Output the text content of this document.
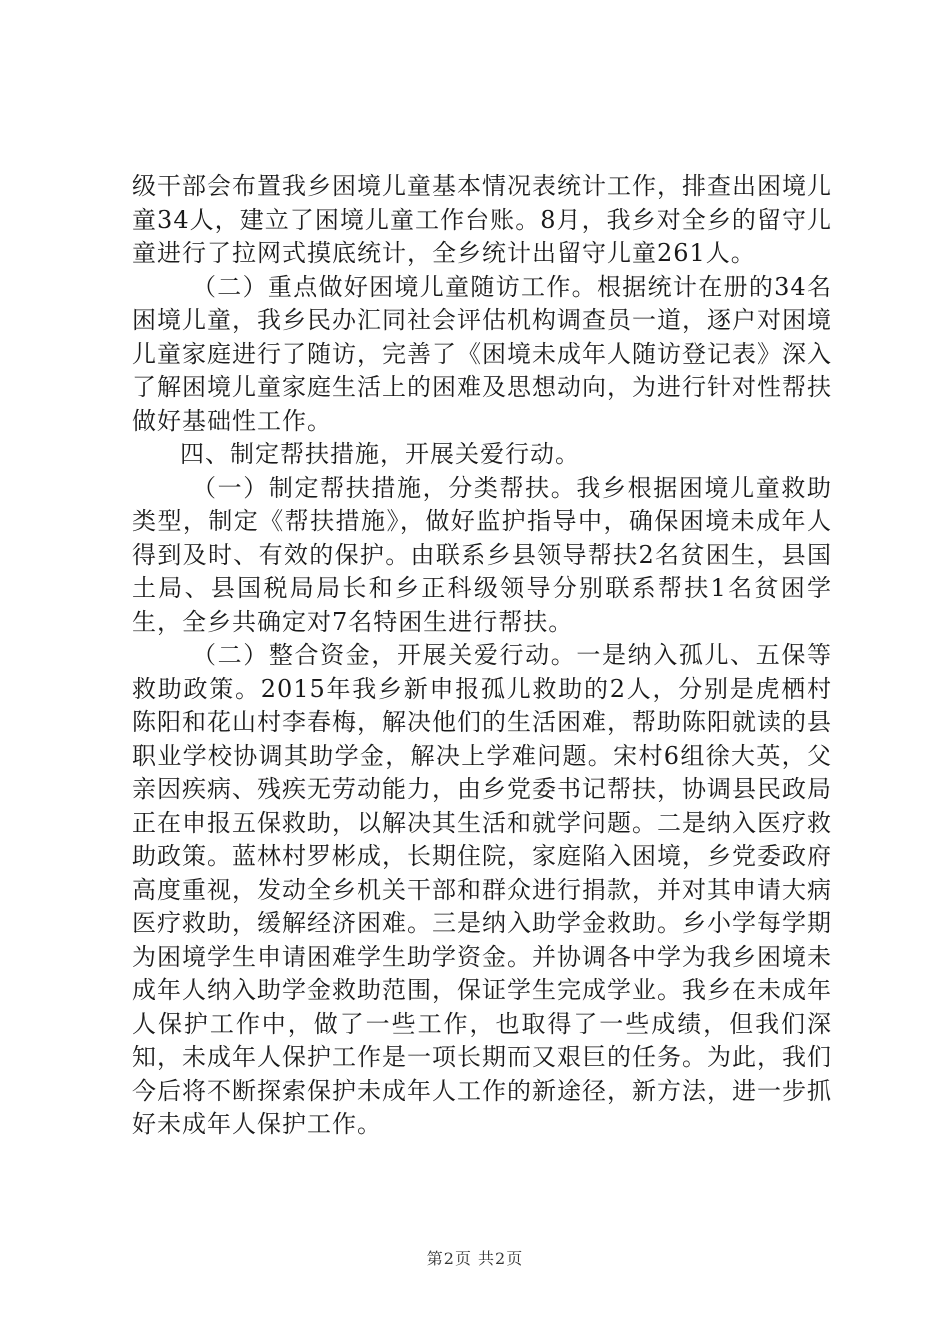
级干部会布置我乡困境儿童基本情况表统计工作，排查出困境儿童34人，建立了困境儿童工作台账。8月，我乡对全乡的留守儿童进行了拉网式摸底统计，全乡统计出留守儿童261人。

（二）重点做好困境儿童随访工作。根据统计在册的34名困境儿童，我乡民办汇同社会评估机构调查员一道，逐户对困境儿童家庭进行了随访，完善了《困境未成年人随访登记表》深入了解困境儿童家庭生活上的困难及思想动向，为进行针对性帮扶做好基础性工作。

四、制定帮扶措施，开展关爱行动。

（一）制定帮扶措施，分类帮扶。我乡根据困境儿童救助类型，制定《帮扶措施》，做好监护指导中，确保困境未成年人得到及时、有效的保护。由联系乡县领导帮扶2名贫困生，县国土局、县国税局局长和乡正科级领导分别联系帮扶1名贫困学生，全乡共确定对7名特困生进行帮扶。

（二）整合资金，开展关爱行动。一是纳入孤儿、五保等救助政策。2015年我乡新申报孤儿救助的2人，分别是虎栖村陈阳和花山村李春梅，解决他们的生活困难，帮助陈阳就读的县职业学校协调其助学金，解决上学难问题。宋村6组徐大英，父亲因疾病、残疾无劳动能力，由乡党委书记帮扶，协调县民政局正在申报五保救助，以解决其生活和就学问题。二是纳入医疗救助政策。蓝林村罗彬成，长期住院，家庭陷入困境，乡党委政府高度重视，发动全乡机关干部和群众进行捐款，并对其申请大病医疗救助，缓解经济困难。三是纳入助学金救助。乡小学每学期为困境学生申请困难学生助学资金。并协调各中学为我乡困境未成年人纳入助学金救助范围，保证学生完成学业。我乡在未成年人保护工作中，做了一些工作，也取得了一些成绩，但我们深知，未成年人保护工作是一项长期而又艰巨的任务。为此，我们今后将不断探索保护未成年人工作的新途径，新方法，进一步抓好未成年人保护工作。

第2页 共2页
